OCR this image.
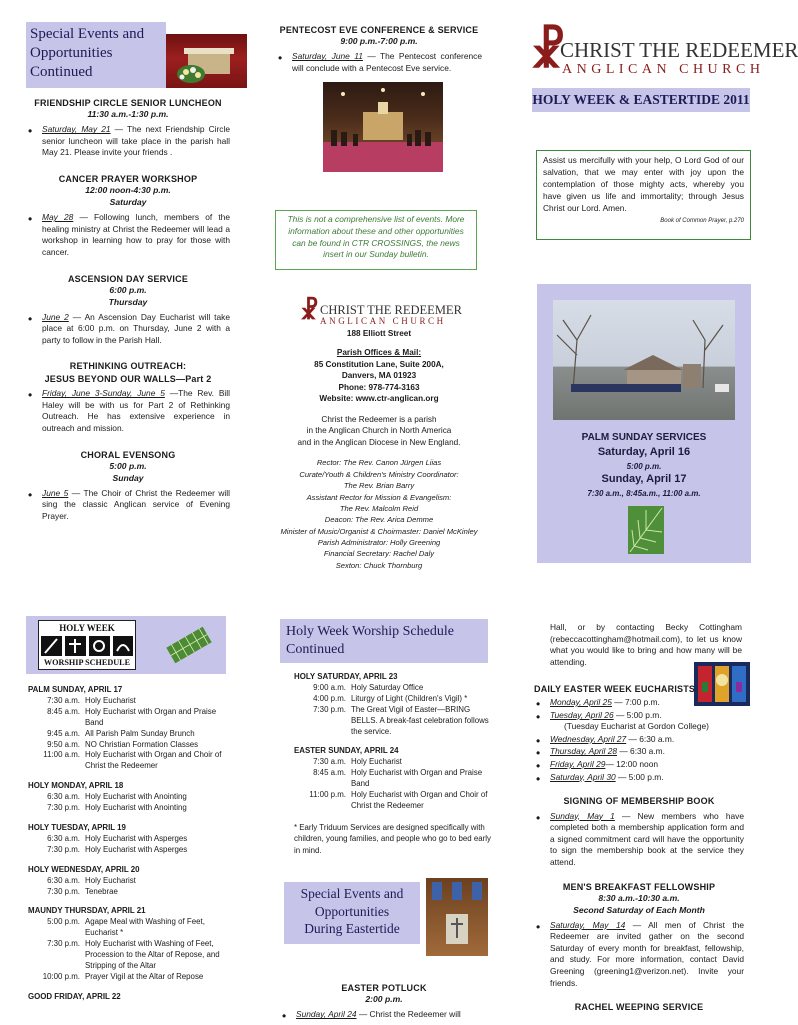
Special Events and
Opportunities
Continued
FRIENDSHIP CIRCLE SENIOR LUNCHEON
11:30 a.m.-1:30 p.m.
• Saturday, May 21 — The next Friendship Circle senior luncheon will take place in the parish hall May 21. Please invite your friends .
CANCER PRAYER WORKSHOP
12:00 noon-4:30 p.m.
Saturday
• May 28 — Following lunch, members of the healing ministry at Christ the Redeemer will lead a workshop in learning how to pray for those with cancer.
ASCENSION DAY SERVICE
6:00 p.m.
Thursday
• June 2 — An Ascension Day Eucharist will take place at 6:00 p.m. on Thursday, June 2 with a party to follow in the Parish Hall.
RETHINKING OUTREACH:
JESUS BEYOND OUR WALLS—Part 2
• Friday, June 3-Sunday, June 5 —The Rev. Bill Haley will be with us for Part 2 of Rethinking Outreach. He has extensive experience in outreach and mission.
CHORAL EVENSONG
5:00 p.m.
Sunday
• June 5 — The Choir of Christ the Redeemer will sing the classic Anglican service of Evening Prayer.
PENTECOST EVE CONFERENCE & SERVICE
9:00 p.m.-7:00 p.m.
• Saturday, June 11 — The Pentecost conference will conclude with a Pentecost Eve service.
This is not a comprehensive list of events. More information about these and other opportunities can be found in CTR CROSSINGS, the news insert in our Sunday bulletin.
☧ CHRIST THE REDEEMER
ANGLICAN CHURCH
188 Elliott Street
Parish Offices & Mail:
85 Constitution Lane, Suite 200A,
Danvers, MA 01923
Phone: 978-774-3163
Website: www.ctr-anglican.org
Christ the Redeemer is a parish
in the Anglican Church in North America
and in the Anglican Diocese in New England.
Rector: The Rev. Canon Jürgen Liias
Curate/Youth & Children's Ministry Coordinator:
The Rev. Brian Barry
Assistant Rector for Mission & Evangelism:
The Rev. Malcolm Reid
Deacon: The Rev. Arica Demme
Minister of Music/Organist & Choirmaster: Daniel McKinley
Parish Administrator: Holly Greening
Financial Secretary: Rachel Daly
Sexton: Chuck Thornburg
☧
CHRIST THE REDEEMER
ANGLICAN CHURCH
HOLY WEEK & EASTERTIDE 2011
Assist us mercifully with your help, O Lord God of our salvation, that we may enter with joy upon the contemplation of those mighty acts, whereby you have given us life and immortality; through Jesus Christ our Lord. Amen.
Book of Common Prayer, p.270
PALM SUNDAY SERVICES
Saturday, April 16
5:00 p.m.
Sunday, April 17
7:30 a.m., 8:45a.m., 11:00 a.m.
HOLY WEEK
WORSHIP SCHEDULE
PALM SUNDAY, APRIL 17
7:30 a.m. Holy Eucharist
8:45 a.m. Holy Eucharist with Organ and Praise Band
9:45 a.m. All Parish Palm Sunday Brunch
9:50 a.m. NO Christian Formation Classes
11:00 a.m. Holy Eucharist with Organ and Choir of Christ the Redeemer
HOLY MONDAY, APRIL 18
6:30 a.m. Holy Eucharist with Anointing
7:30 p.m. Holy Eucharist with Anointing
HOLY TUESDAY, APRIL 19
6:30 a.m. Holy Eucharist with Asperges
7:30 p.m. Holy Eucharist with Asperges
HOLY WEDNESDAY, APRIL 20
6:30 a.m. Holy Eucharist
7:30 p.m. Tenebrae
MAUNDY THURSDAY, APRIL 21
5:00 p.m. Agape Meal with Washing of Feet, Eucharist *
7:30 p.m. Holy Eucharist with Washing of Feet, Procession to the Altar of Repose, and Stripping of the Altar
10:00 p.m. Prayer Vigil at the Altar of Repose
GOOD FRIDAY, APRIL 22
Holy Week Worship Schedule
Continued
HOLY SATURDAY, APRIL 23
9:00 a.m. Holy Saturday Office
4:00 p.m. Liturgy of Light (Children's Vigil) *
7:30 p.m. The Great Vigil of Easter—BRING BELLS. A break-fast celebration follows the service.
EASTER SUNDAY, APRIL 24
7:30 a.m. Holy Eucharist
8:45 a.m. Holy Eucharist with Organ and Praise Band
11:00 p.m. Holy Eucharist with Organ and Choir of Christ the Redeemer
* Early Triduum Services are designed specifically with children, young families, and people who go to bed early in mind.
Special Events and
Opportunities
During Eastertide
EASTER POTLUCK
2:00 p.m.
• Sunday, April 24 — Christ the Redeemer will
Hall, or by contacting Becky Cottingham (rebeccacottingham@hotmail.com), to let us know what you would like to bring and how many will be attending.
DAILY EASTER WEEK EUCHARISTS
• Monday, April 25 — 7:00 p.m.
• Tuesday, April 26 — 5:00 p.m.
(Tuesday Eucharist at Gordon College)
• Wednesday, April 27 — 6:30 a.m.
• Thursday, April 28 — 6:30 a.m.
• Friday, April 29— 12:00 noon
• Saturday, April 30 — 5:00 p.m.
SIGNING OF MEMBERSHIP BOOK
• Sunday, May 1 — New members who have completed both a membership application form and a signed commitment card will have the opportunity to sign the membership book at the service they attend.
MEN'S BREAKFAST FELLOWSHIP
8:30 a.m.-10:30 a.m.
Second Saturday of Each Month
• Saturday, May 14 — All men of Christ the Redeemer are invited gather on the second Saturday of every month for breakfast, fellowship, and study. For more information, contact David Greening (greening1@verizon.net). Invite your friends.
RACHEL WEEPING SERVICE
